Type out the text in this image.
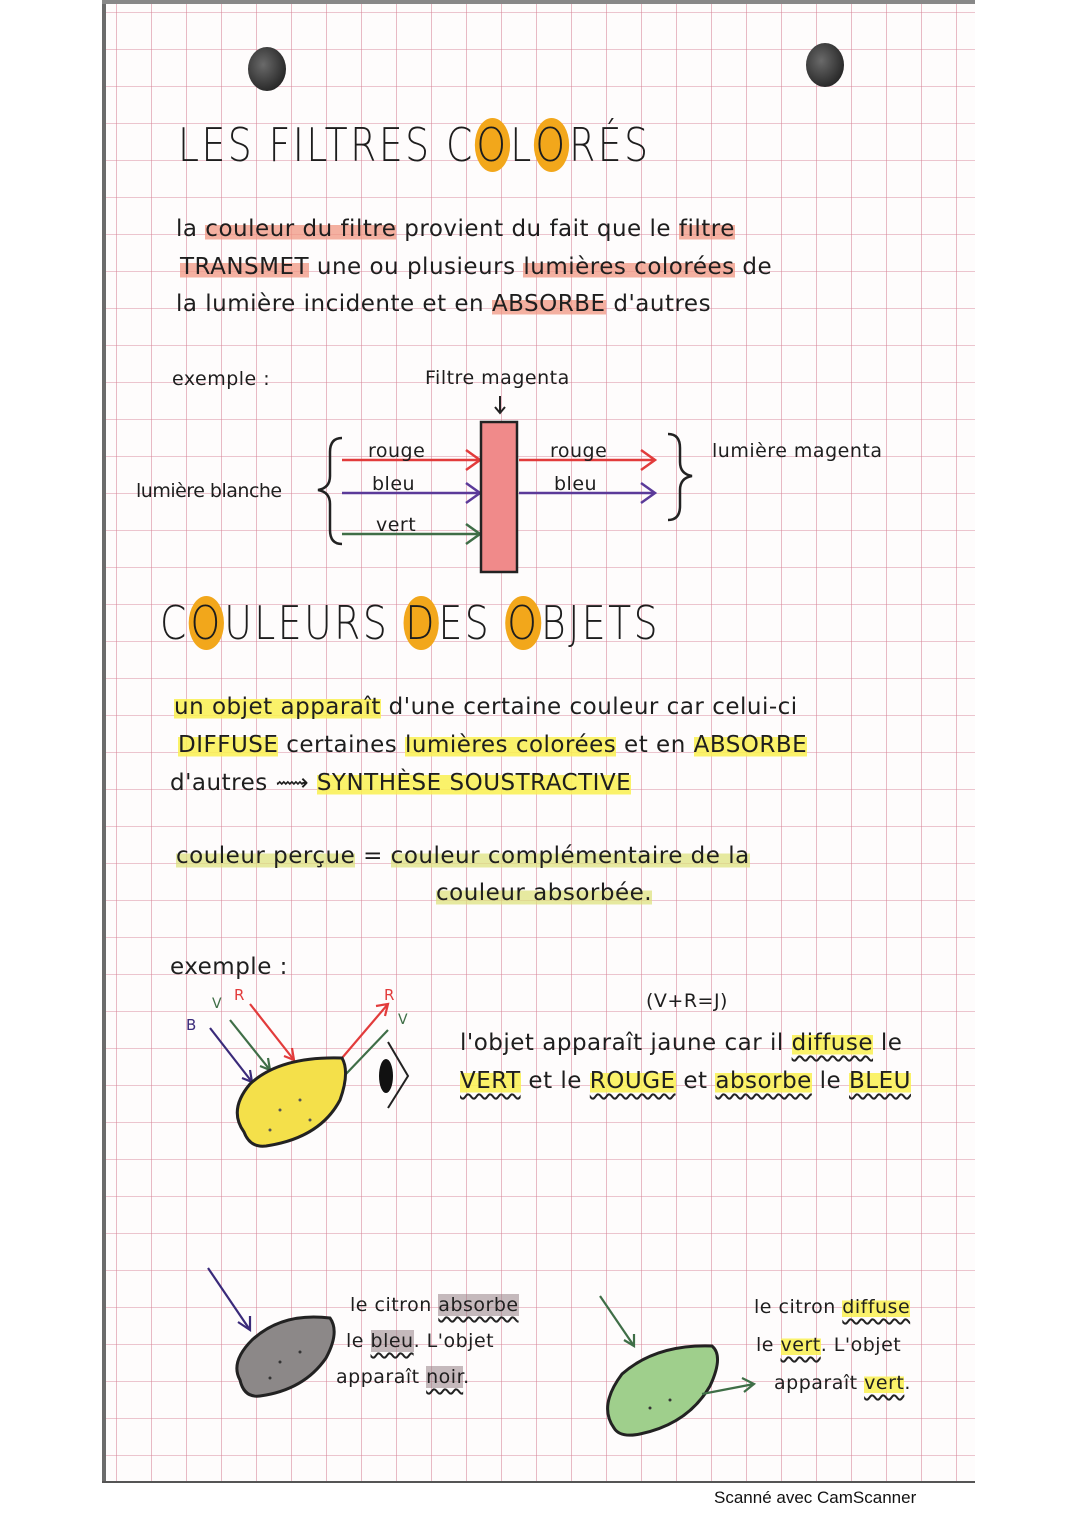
LES FILTRES COLORÉS
la couleur du filtre provient du fait que le filtre
TRANSMET une ou plusieurs lumières colorées de
la lumière incidente et en ABSORBE d'autres
exemple :	Filtre magenta
lumière blanche
lumière magenta
rouge
bleu
vert
rouge
bleu
COULEURS DES OBJETS
un objet apparaît d'une certaine couleur car celui-ci
DIFFUSE certaines lumières colorées et en ABSORBE
d'autres ⟿ SYNTHÈSE SOUSTRACTIVE
couleur perçue = couleur complémentaire de la
couleur absorbée.
exemple :
B
V R	R
V
(V+R=J)
l'objet apparaît jaune car il diffuse le
VERT et le ROUGE et absorbe le BLEU
le citron absorbe
le bleu. L'objet
apparaît noir.
le citron diffuse
le vert. L'objet
apparaît vert.
Scanné avec CamScanner
